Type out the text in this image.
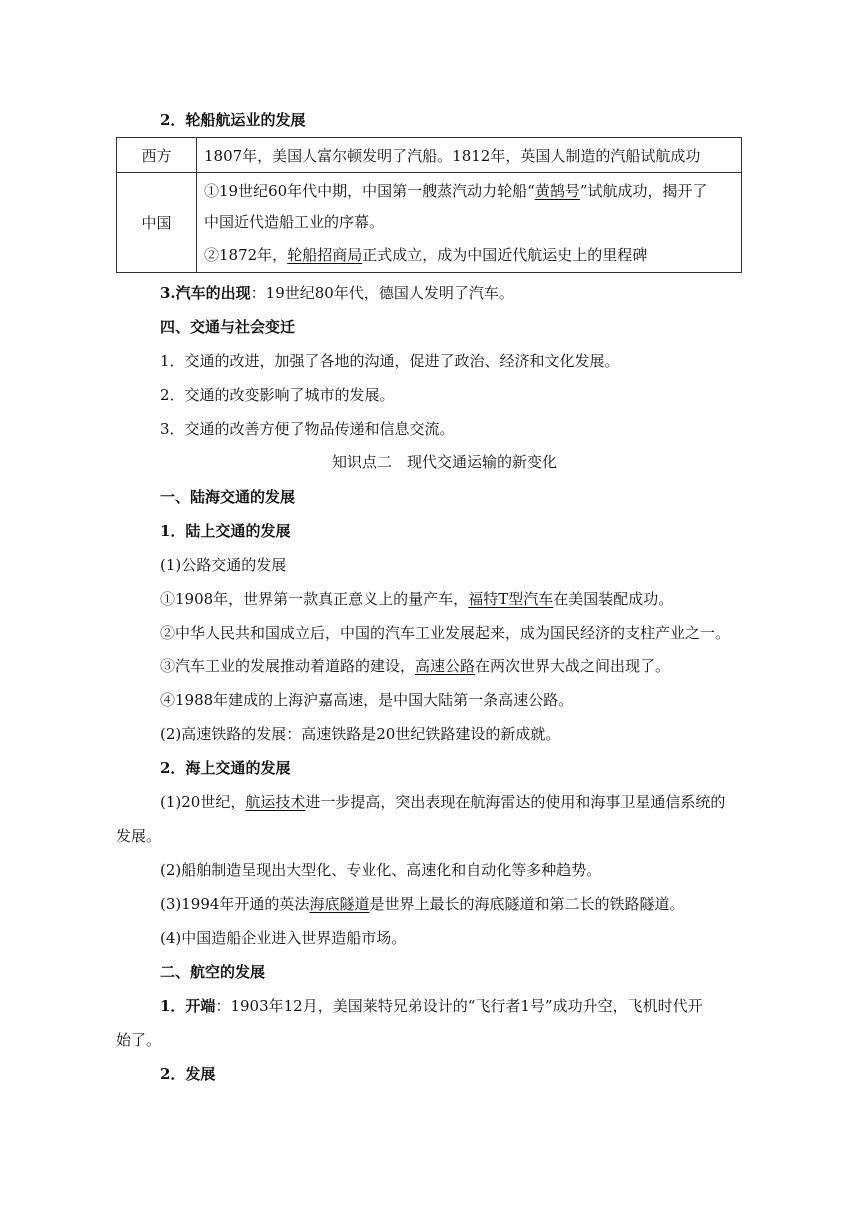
2．轮船航运业的发展
西方	1807年，美国人富尔顿发明了汽船。1812年，英国人制造的汽船试航成功
中国	①19世纪60年代中期，中国第一艘蒸汽动力轮船“黄鹄号”试航成功，揭开了
中国近代造船工业的序幕。
②1872年，轮船招商局正式成立，成为中国近代航运史上的里程碑
3.汽车的出现：19世纪80年代，德国人发明了汽车。
四、交通与社会变迁
1．交通的改进，加强了各地的沟通，促进了政治、经济和文化发展。
2．交通的改变影响了城市的发展。
3．交通的改善方便了物品传递和信息交流。
知识点二　现代交通运输的新变化
一、陆海交通的发展
1．陆上交通的发展
(1)公路交通的发展
①1908年，世界第一款真正意义上的量产车，福特T型汽车在美国装配成功。
②中华人民共和国成立后，中国的汽车工业发展起来，成为国民经济的支柱产业之一。
③汽车工业的发展推动着道路的建设，高速公路在两次世界大战之间出现了。
④1988年建成的上海沪嘉高速，是中国大陆第一条高速公路。
(2)高速铁路的发展：高速铁路是20世纪铁路建设的新成就。
2．海上交通的发展
(1)20世纪，航运技术进一步提高，突出表现在航海雷达的使用和海事卫星通信系统的
发展。
(2)船舶制造呈现出大型化、专业化、高速化和自动化等多种趋势。
(3)1994年开通的英法海底隧道是世界上最长的海底隧道和第二长的铁路隧道。
(4)中国造船企业进入世界造船市场。
二、航空的发展
1．开端：1903年12月，美国莱特兄弟设计的“飞行者1号”成功升空，飞机时代开
始了。
2．发展
